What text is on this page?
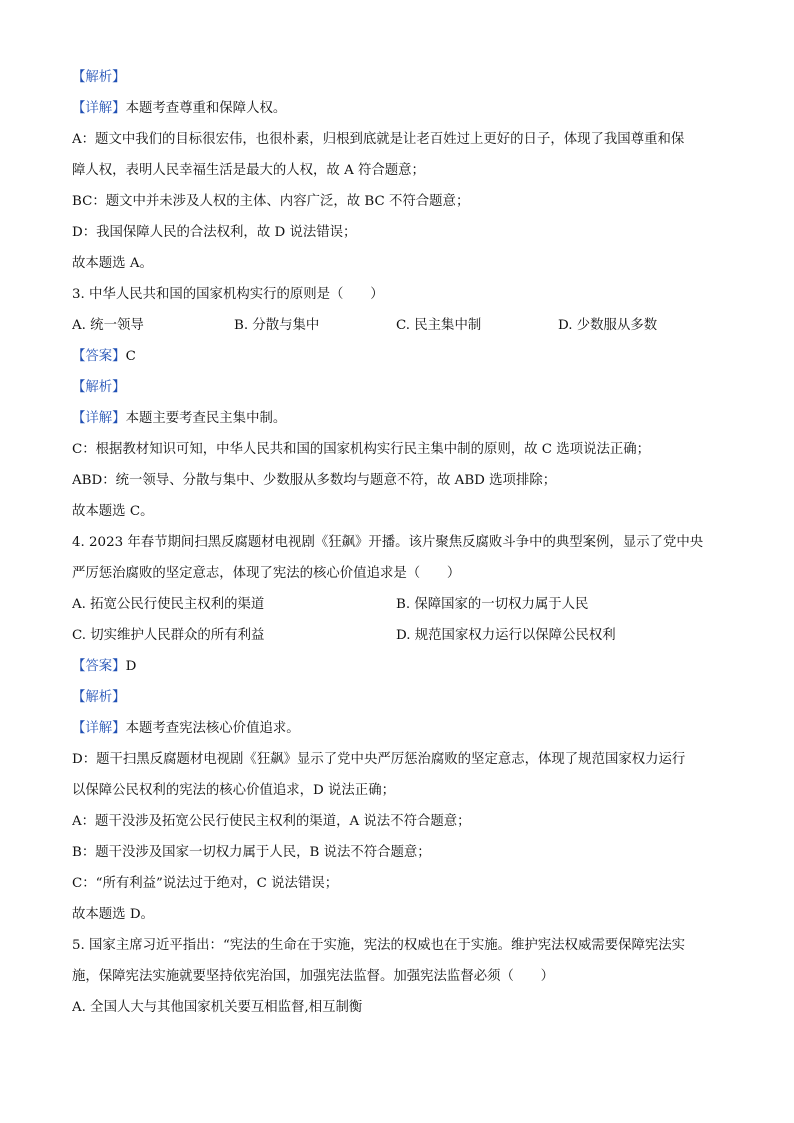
【解析】
【详解】本题考查尊重和保障人权。
A：题文中我们的目标很宏伟，也很朴素，归根到底就是让老百姓过上更好的日子，体现了我国尊重和保
障人权，表明人民幸福生活是最大的人权，故 A 符合题意；
BC：题文中并未涉及人权的主体、内容广泛，故 BC 不符合题意；
D：我国保障人民的合法权利，故 D 说法错误；
故本题选 A。
3. 中华人民共和国的国家机构实行的原则是（　　）
A. 统一领导	B. 分散与集中	C. 民主集中制	D. 少数服从多数
【答案】C
【解析】
【详解】本题主要考查民主集中制。
C：根据教材知识可知，中华人民共和国的国家机构实行民主集中制的原则，故 C 选项说法正确；
ABD：统一领导、分散与集中、少数服从多数均与题意不符，故 ABD 选项排除；
故本题选 C。
4. 2023 年春节期间扫黑反腐题材电视剧《狂飙》开播。该片聚焦反腐败斗争中的典型案例，显示了党中央
严厉惩治腐败的坚定意志，体现了宪法的核心价值追求是（　　）
A. 拓宽公民行使民主权利的渠道	B. 保障国家的一切权力属于人民
C. 切实维护人民群众的所有利益	D. 规范国家权力运行以保障公民权利
【答案】D
【解析】
【详解】本题考查宪法核心价值追求。
D：题干扫黑反腐题材电视剧《狂飙》显示了党中央严厉惩治腐败的坚定意志，体现了规范国家权力运行
以保障公民权利的宪法的核心价值追求，D 说法正确；
A：题干没涉及拓宽公民行使民主权利的渠道，A 说法不符合题意；
B：题干没涉及国家一切权力属于人民，B 说法不符合题意；
C：“所有利益”说法过于绝对，C 说法错误；
故本题选 D。
5. 国家主席习近平指出：“宪法的生命在于实施，宪法的权威也在于实施。维护宪法权威需要保障宪法实
施，保障宪法实施就要坚持依宪治国，加强宪法监督。加强宪法监督必须（　　）
A. 全国人大与其他国家机关要互相监督,相互制衡
